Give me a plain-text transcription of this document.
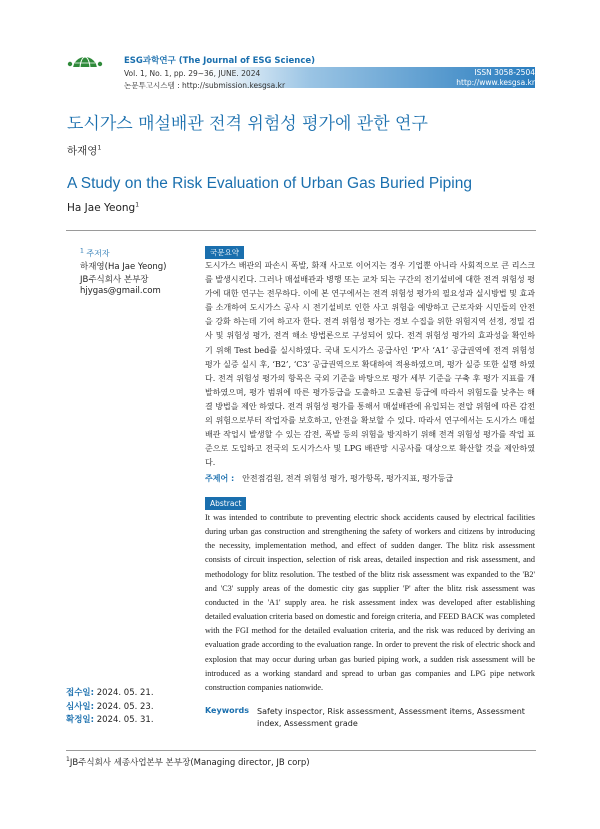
ESG과학연구 (The Journal of ESG Science)
Vol. 1, No. 1, pp. 29~36, JUNE. 2024
논문투고시스템 : http://submission.kesgsa.kr
ISSN 3058-2504
http://www.kesgsa.kr
도시가스 매설배관 전격 위험성 평가에 관한 연구
하재영$^1$
A Study on the Risk Evaluation of Urban Gas Buried Piping
Ha Jae Yeong$^1$
$^1$ 주저자
하재영(Ha Jae Yeong)
JB주식회사 본부장
hjygas@gmail.com
접수일: 2024. 05. 21.
심사일: 2024. 05. 23.
확정일: 2024. 05. 31.
국문요약
도시가스 배관의 파손시 폭발, 화재 사고로 이어지는 경우 기업뿐 아니라 사회적으로 큰 리스크를 발생시킨다. 그러나 매설배관과 병행 또는 교차 되는 구간의 전기설비에 대한 전격 위험성 평가에 대한 연구는 전무하다. 이에 본 연구에서는 전격 위험성 평가의 필요성과 실시방법 및 효과를 소개하여 도시가스 공사 시 전기설비로 인한 사고 위험을 예방하고 근로자와 시민들의 안전을 강화 하는데 기여 하고자 한다. 전격 위험성 평가는 경보 수집을 위한 위험지역 선정, 정밀 검사 및 위험성 평가, 전격 해소 방법론으로 구성되어 있다. 전격 위험성 평가의 효과성을 확인하기 위해 Test bed를 실시하였다. 국내 도시가스 공급사인 ‘P’사 ‘A1’ 공급권역에 전격 위험성 평가 실증 실시 후, ‘B2’, ‘C3’ 공급권역으로 확대하여 적용하였으며, 평가 실증 또한 실행 하였다. 전격 위험성 평가의 항목은 국외 기준을 바탕으로 평가 세부 기준을 구축 후 평가 지표를 개발하였으며, 평가 범위에 따른 평가등급을 도출하고 도출된 등급에 따라서 위험도를 낮추는 해결 방법을 제안 하였다. 전격 위험성 평가를 통해서 매설배관에 유입되는 전압 위험에 따른 감전의 위험으로부터 작업자를 보호하고, 안전을 확보할 수 있다. 따라서 연구에서는 도시가스 매설배관 작업시 발생할 수 있는 감전, 폭발 등의 위험을 방지하기 위해 전격 위험성 평가를 작업 표준으로 도입하고 전국의 도시가스사 및 LPG 배관망 시공사를 대상으로 확산할 것을 제안하였다.
주제어 : 안전점검원, 전격 위험성 평가, 평가항목, 평가지표, 평가등급
Abstract
It was intended to contribute to preventing electric shock accidents caused by electrical facilities during urban gas construction and strengthening the safety of workers and citizens by introducing the necessity, implementation method, and effect of sudden danger. The blitz risk assessment consists of circuit inspection, selection of risk areas, detailed inspection and risk assessment, and methodology for blitz resolution. The testbed of the blitz risk assessment was expanded to the 'B2' and 'C3' supply areas of the domestic city gas supplier 'P' after the blitz risk assessment was conducted in the 'A1' supply area. he risk assessment index was developed after establishing detailed evaluation criteria based on domestic and foreign criteria, and FEED BACK was completed with the FGI method for the detailed evaluation criteria, and the risk was reduced by deriving an evaluation grade according to the evaluation range. In order to prevent the risk of electric shock and explosion that may occur during urban gas buried piping work, a sudden risk assessment will be introduced as a working standard and spread to urban gas companies and LPG pipe network construction companies nationwide.
Keywords Safety inspector, Risk assessment, Assessment items, Assessment index, Assessment grade
$^1$JB주식회사 세종사업본부 본부장(Managing director, JB corp)
